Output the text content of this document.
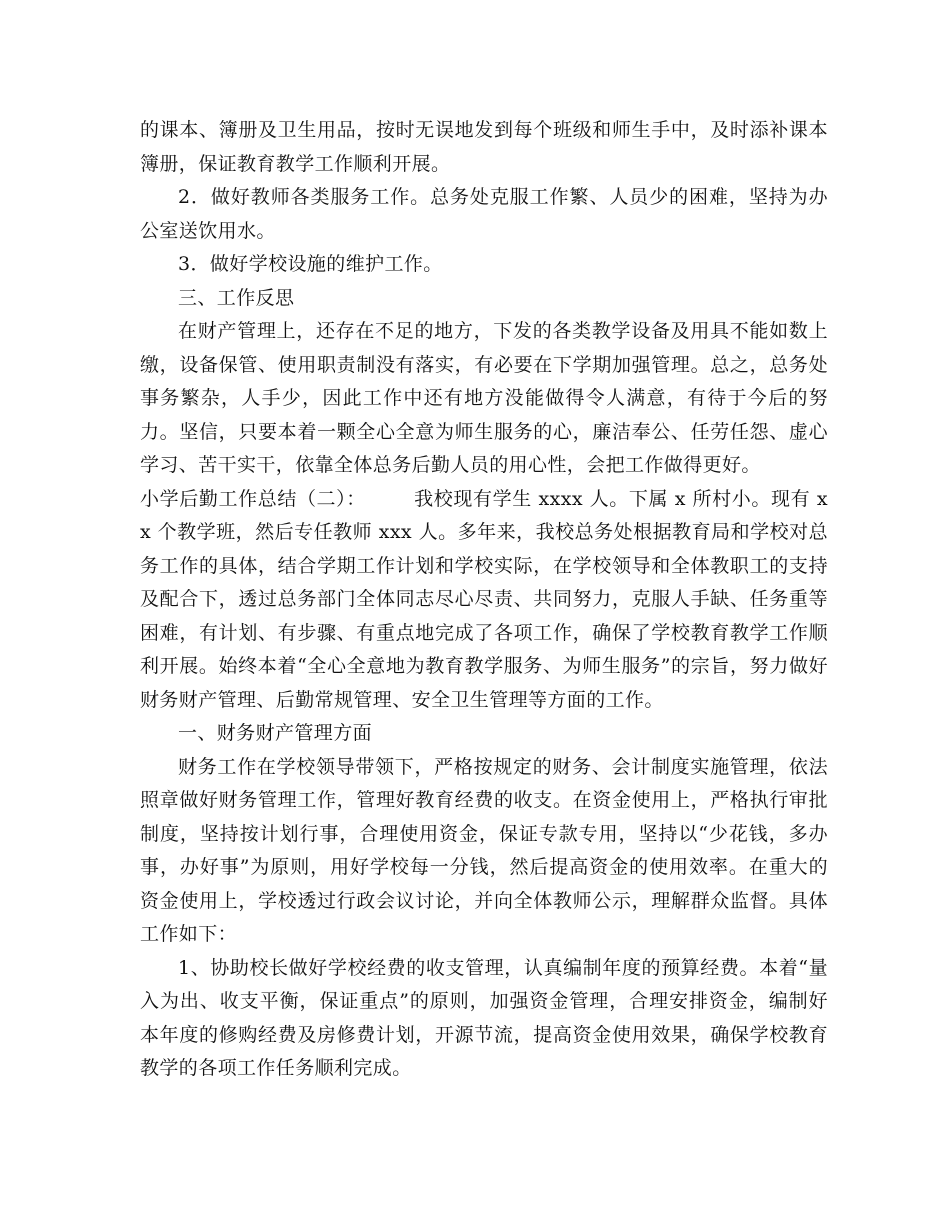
的课本、簿册及卫生用品，按时无误地发到每个班级和师生手中，及时添补课本簿册，保证教育教学工作顺利开展。

2．做好教师各类服务工作。总务处克服工作繁、人员少的困难，坚持为办公室送饮用水。

3．做好学校设施的维护工作。

三、工作反思

在财产管理上，还存在不足的地方，下发的各类教学设备及用具不能如数上缴，设备保管、使用职责制没有落实，有必要在下学期加强管理。总之，总务处事务繁杂，人手少，因此工作中还有地方没能做得令人满意，有待于今后的努力。坚信，只要本着一颗全心全意为师生服务的心，廉洁奉公、任劳任怨、虚心学习、苦干实干，依靠全体总务后勤人员的用心性，会把工作做得更好。

小学后勤工作总结（二）：	我校现有学生 xxxx 人。下属 x 所村小。现有 xx 个教学班，然后专任教师 xxx 人。多年来，我校总务处根据教育局和学校对总务工作的具体，结合学期工作计划和学校实际，在学校领导和全体教职工的支持及配合下，透过总务部门全体同志尽心尽责、共同努力，克服人手缺、任务重等困难，有计划、有步骤、有重点地完成了各项工作，确保了学校教育教学工作顺利开展。始终本着“全心全意地为教育教学服务、为师生服务”的宗旨，努力做好财务财产管理、后勤常规管理、安全卫生管理等方面的工作。

一、财务财产管理方面

财务工作在学校领导带领下，严格按规定的财务、会计制度实施管理，依法照章做好财务管理工作，管理好教育经费的收支。在资金使用上，严格执行审批制度，坚持按计划行事，合理使用资金，保证专款专用，坚持以“少花钱，多办事，办好事”为原则，用好学校每一分钱，然后提高资金的使用效率。在重大的资金使用上，学校透过行政会议讨论，并向全体教师公示，理解群众监督。具体工作如下：

1、协助校长做好学校经费的收支管理，认真编制年度的预算经费。本着“量入为出、收支平衡，保证重点”的原则，加强资金管理，合理安排资金，编制好本年度的修购经费及房修费计划，开源节流，提高资金使用效果，确保学校教育教学的各项工作任务顺利完成。
